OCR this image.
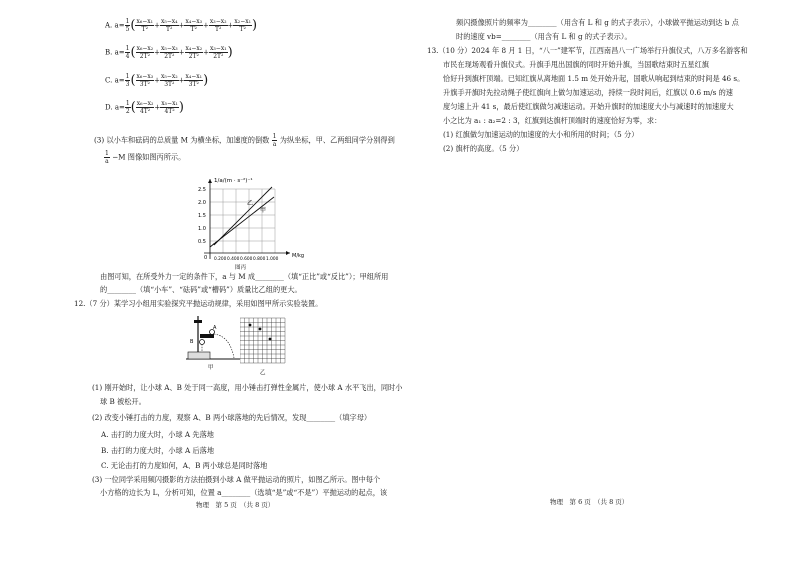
A. $a= \frac{1}{5}$ ( $\frac{\text{x₆−x₁}}{\text{T²}} + \frac{\text{x₅−x₄}}{\text{T²}} + \frac{\text{x₄−x₃}}{\text{T²}} + \frac{\text{x₃−x₂}}{\text{T²}} + \frac{\text{x₂−x₁}}{\text{T²}}$ )
B. $a= \frac{1}{4}$ ( $\frac{\text{x₆−x₂}}{\text{2T²}} + \frac{\text{x₅−x₃}}{\text{2T²}} + \frac{\text{x₄−x₂}}{\text{2T²}} + \frac{\text{x₃−x₁}}{\text{2T²}}$ )
C. $a= \frac{1}{3}$ ( $\frac{\text{x₆−x₃}}{\text{3T²}} + \frac{\text{x₅−x₂}}{\text{3T²}} + \frac{\text{x₄−x₁}}{\text{3T²}}$ )
D. $a= \frac{1}{2}$ ( $\frac{\text{x₆−x₂}}{\text{4T²}} + \frac{\text{x₅−x₁}}{\text{4T²}}$ )
(3) 以小车和砝码的总质量 M 为横坐标，加速度的倒数 $\frac{1}{a}$ 为纵坐标，甲、乙两组同学分别得到
$\frac{1}{a} -M$ 图像如图丙所示。
1/a/(m · s⁻²)⁻¹
2.5
2.0
1.5
1.0
0.5
0.200 0.400 0.600 0.800 1.000
0	M/kg
乙
甲
图丙
由图可知，在所受外力一定的条件下，a 与 M 成________（填“正比”或“反比”）；甲组所用
的________（填“小车”、“砝码”或“槽码”）质量比乙组的更大。
12.（7 分）某学习小组用实验探究平抛运动规律，采用如图甲所示实验装置。
A
B
甲
乙
(1) 刚开始时，让小球 A、B 处于同一高度，用小锤击打弹性金属片，使小球 A 水平飞出，同时小
球 B 被松开。
(2) 改变小锤打击的力度，观察 A、B 两小球落地的先后情况，发现________（填字母）
A. 击打的力度大时，小球 A 先落地
B. 击打的力度大时，小球 A 后落地
C. 无论击打的力度如何，A、B 两小球总是同时落地
(3) 一位同学采用频闪摄影的方法拍摄到小球 A 做平抛运动的照片，如图乙所示。图中每个
小方格的边长为 L，分析可知，位置 a________（选填“是”或“不是”）平抛运动的起点，该
物理　第 5 页　（共 8 页）
频闪摄像照片的频率为________（用含有 L 和 g 的式子表示），小球做平抛运动到达 b 点
时的速度 vb=________（用含有 L 和 g 的式子表示）。
13.（10 分）2024 年 8 月 1 日，“八一”建军节，江西南昌八一广场举行升旗仪式，八万多名游客和
市民在现场观看升旗仪式。升旗手甩出国旗的同时开始升旗，当国歌结束时五星红旗
恰好升到旗杆顶端。已知红旗从离地面 1.5 m 处开始升起，国歌从响起到结束的时间是 46 s。
升旗手开旗时先拉动绳子使红旗向上做匀加速运动，持续一段时间后，红旗以 0.6 m/s 的速
度匀速上升 41 s，最后使红旗做匀减速运动。开始升旗时的加速度大小与减速时的加速度大
小之比为 a₁ : a₂=2 : 3，红旗到达旗杆顶端时的速度恰好为零，求：
(1) 红旗做匀加速运动的加速度的大小和所用的时间；（5 分）
(2) 旗杆的高度。（5 分）
物理　第 6 页　（共 8 页）
